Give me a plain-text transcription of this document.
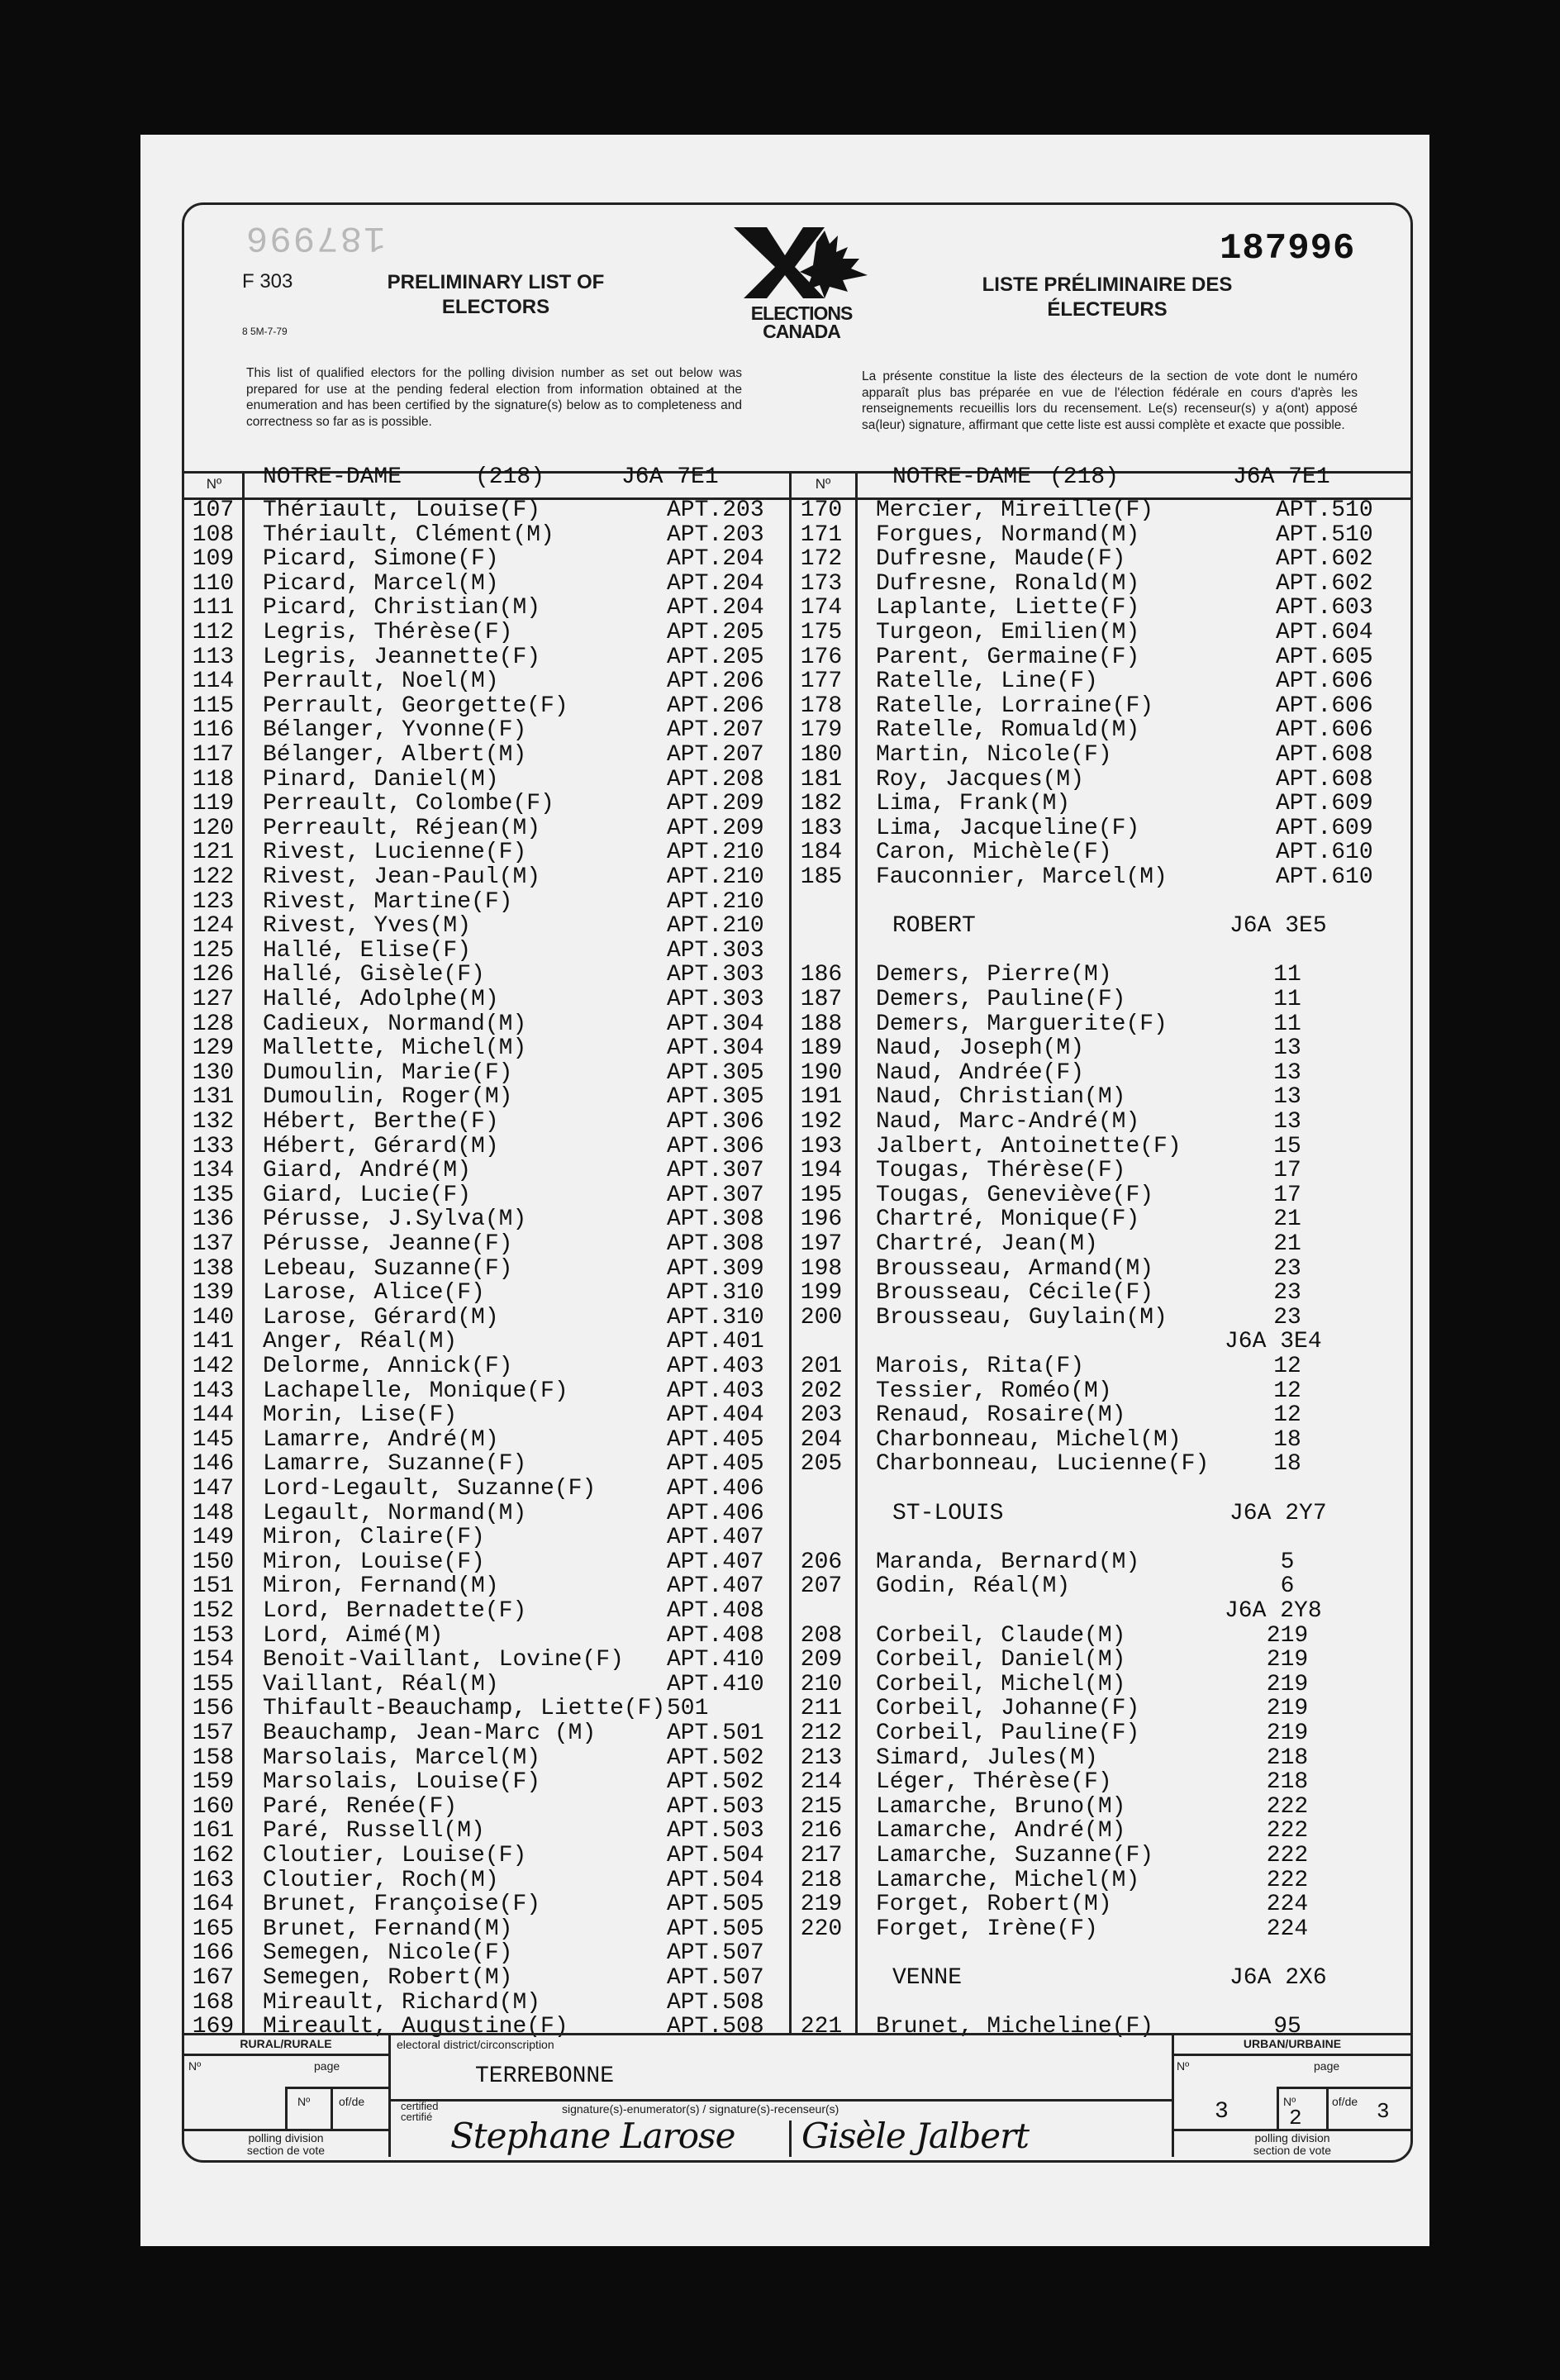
187996	187996
F 303
8 5M-7-79
PRELIMINARY LIST OF
ELECTORS	ELECTIONS
CANADA
LISTE PRÉLIMINAIRE DES
ÉLECTEURS
This list of qualified electors for the polling division number as set out below was prepared for use at the pending federal election from information obtained at the enumeration and has been certified by the signature(s) below as to completeness and correctness so far as is possible.
La présente constitue la liste des électeurs de la section de vote dont le numéro apparaît plus bas préparée en vue de l'élection fédérale en cours d'après les renseignements recueillis lors du recensement. Le(s) recenseur(s) y a(ont) apposé sa(leur) signature, affirmant que cette liste est aussi complète et exacte que possible.
Nº	NOTRE-DAME	(218)	J6A 7E1	Nº	NOTRE-DAME (218)	J6A 7E1
107	Thériault, Louise(F)	APT.203
108	Thériault, Clément(M)	APT.203
109	Picard, Simone(F)	APT.204
110	Picard, Marcel(M)	APT.204
111	Picard, Christian(M)	APT.204
112	Legris, Thérèse(F)	APT.205
113	Legris, Jeannette(F)	APT.205
114	Perrault, Noel(M)	APT.206
115	Perrault, Georgette(F)	APT.206
116	Bélanger, Yvonne(F)	APT.207
117	Bélanger, Albert(M)	APT.207
118	Pinard, Daniel(M)	APT.208
119	Perreault, Colombe(F)	APT.209
120	Perreault, Réjean(M)	APT.209
121	Rivest, Lucienne(F)	APT.210
122	Rivest, Jean-Paul(M)	APT.210
123	Rivest, Martine(F)	APT.210
124	Rivest, Yves(M)	APT.210
125	Hallé, Elise(F)	APT.303
126	Hallé, Gisèle(F)	APT.303
127	Hallé, Adolphe(M)	APT.303
128	Cadieux, Normand(M)	APT.304
129	Mallette, Michel(M)	APT.304
130	Dumoulin, Marie(F)	APT.305
131	Dumoulin, Roger(M)	APT.305
132	Hébert, Berthe(F)	APT.306
133	Hébert, Gérard(M)	APT.306
134	Giard, André(M)	APT.307
135	Giard, Lucie(F)	APT.307
136	Pérusse, J.Sylva(M)	APT.308
137	Pérusse, Jeanne(F)	APT.308
138	Lebeau, Suzanne(F)	APT.309
139	Larose, Alice(F)	APT.310
140	Larose, Gérard(M)	APT.310
141	Anger, Réal(M)	APT.401
142	Delorme, Annick(F)	APT.403
143	Lachapelle, Monique(F)	APT.403
144	Morin, Lise(F)	APT.404
145	Lamarre, André(M)	APT.405
146	Lamarre, Suzanne(F)	APT.405
147	Lord-Legault, Suzanne(F)	APT.406
148	Legault, Normand(M)	APT.406
149	Miron, Claire(F)	APT.407
150	Miron, Louise(F)	APT.407
151	Miron, Fernand(M)	APT.407
152	Lord, Bernadette(F)	APT.408
153	Lord, Aimé(M)	APT.408
154	Benoit-Vaillant, Lovine(F) APT.410
155	Vaillant, Réal(M)	APT.410
156	Thifault-Beauchamp, Liette(F) 501
157	Beauchamp, Jean-Marc (M)	APT.501
158	Marsolais, Marcel(M)	APT.502
159	Marsolais, Louise(F)	APT.502
160	Paré, Renée(F)	APT.503
161	Paré, Russell(M)	APT.503
162	Cloutier, Louise(F)	APT.504
163	Cloutier, Roch(M)	APT.504
164	Brunet, Françoise(F)	APT.505
165	Brunet, Fernand(M)	APT.505
166	Semegen, Nicole(F)	APT.507
167	Semegen, Robert(M)	APT.507
168	Mireault, Richard(M)	APT.508
169	Mireault, Augustine(F)	APT.508
170	Mercier, Mireille(F)	APT.510
171	Forgues, Normand(M)	APT.510
172	Dufresne, Maude(F)	APT.602
173	Dufresne, Ronald(M)	APT.602
174	Laplante, Liette(F)	APT.603
175	Turgeon, Emilien(M)	APT.604
176	Parent, Germaine(F)	APT.605
177	Ratelle, Line(F)	APT.606
178	Ratelle, Lorraine(F)	APT.606
179	Ratelle, Romuald(M)	APT.606
180	Martin, Nicole(F)	APT.608
181	Roy, Jacques(M)	APT.608
182	Lima, Frank(M)	APT.609
183	Lima, Jacqueline(F)	APT.609
184	Caron, Michèle(F)	APT.610
185	Fauconnier, Marcel(M)	APT.610
ROBERT	J6A 3E5
186	Demers, Pierre(M)	11
187	Demers, Pauline(F)	11
188	Demers, Marguerite(F)	11
189	Naud, Joseph(M)	13
190	Naud, Andrée(F)	13
191	Naud, Christian(M)	13
192	Naud, Marc-André(M)	13
193	Jalbert, Antoinette(F)	15
194	Tougas, Thérèse(F)	17
195	Tougas, Geneviève(F)	17
196	Chartré, Monique(F)	21
197	Chartré, Jean(M)	21
198	Brousseau, Armand(M)	23
199	Brousseau, Cécile(F)	23
200	Brousseau, Guylain(M)	23
J6A 3E4
201	Marois, Rita(F)	12
202	Tessier, Roméo(M)	12
203	Renaud, Rosaire(M)	12
204	Charbonneau, Michel(M)	18
205	Charbonneau, Lucienne(F)	18
ST-LOUIS	J6A 2Y7
206	Maranda, Bernard(M)	5
207	Godin, Réal(M)	6
J6A 2Y8
208	Corbeil, Claude(M)	219
209	Corbeil, Daniel(M)	219
210	Corbeil, Michel(M)	219
211	Corbeil, Johanne(F)	219
212	Corbeil, Pauline(F)	219
213	Simard, Jules(M)	218
214	Léger, Thérèse(F)	218
215	Lamarche, Bruno(M)	222
216	Lamarche, André(M)	222
217	Lamarche, Suzanne(F)	222
218	Lamarche, Michel(M)	222
219	Forget, Robert(M)	224
220	Forget, Irène(F)	224
VENNE	J6A 2X6
221	Brunet, Micheline(F)	95
RURAL/RURALE	URBAN/URBAINE
Nº	page
Nº of/de
polling division
section de vote
electoral district/circonscription
TERREBONNE
certified
certifié
signature(s)-enumerator(s) / signature(s)-recenseur(s)
Stephane Larose Gisèle Jalbert
Nº	page
3	Nº
2
of/de 3
polling division
section de vote
